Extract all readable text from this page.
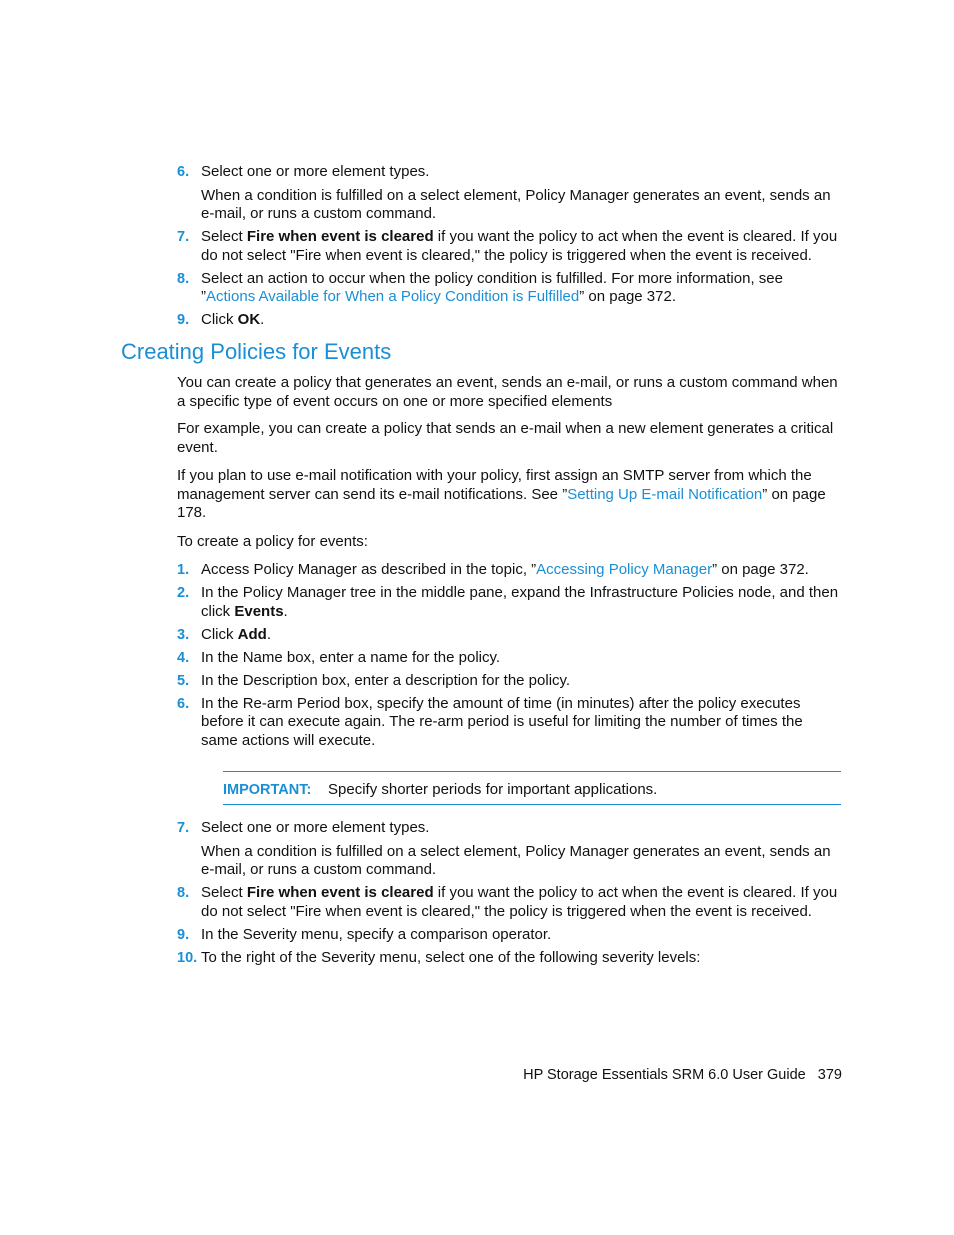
6. Select one or more element types.
When a condition is fulfilled on a select element, Policy Manager generates an event, sends an e-mail, or runs a custom command.
7. Select Fire when event is cleared if you want the policy to act when the event is cleared. If you do not select "Fire when event is cleared," the policy is triggered when the event is received.
8. Select an action to occur when the policy condition is fulfilled. For more information, see ”Actions Available for When a Policy Condition is Fulfilled” on page 372.
9. Click OK.
Creating Policies for Events

You can create a policy that generates an event, sends an e-mail, or runs a custom command when a specific type of event occurs on one or more specified elements

For example, you can create a policy that sends an e-mail when a new element generates a critical event.

If you plan to use e-mail notification with your policy, first assign an SMTP server from which the management server can send its e-mail notifications. See ”Setting Up E-mail Notification” on page 178.

To create a policy for events:

1. Access Policy Manager as described in the topic, ”Accessing Policy Manager” on page 372.
2. In the Policy Manager tree in the middle pane, expand the Infrastructure Policies node, and then click Events.
3. Click Add.
4. In the Name box, enter a name for the policy.
5. In the Description box, enter a description for the policy.
6. In the Re-arm Period box, specify the amount of time (in minutes) after the policy executes before it can execute again. The re-arm period is useful for limiting the number of times the same actions will execute.
IMPORTANT: Specify shorter periods for important applications.
7. Select one or more element types.
When a condition is fulfilled on a select element, Policy Manager generates an event, sends an e-mail, or runs a custom command.
8. Select Fire when event is cleared if you want the policy to act when the event is cleared. If you do not select "Fire when event is cleared," the policy is triggered when the event is received.
9. In the Severity menu, specify a comparison operator.
10. To the right of the Severity menu, select one of the following severity levels:
HP Storage Essentials SRM 6.0 User Guide 379
